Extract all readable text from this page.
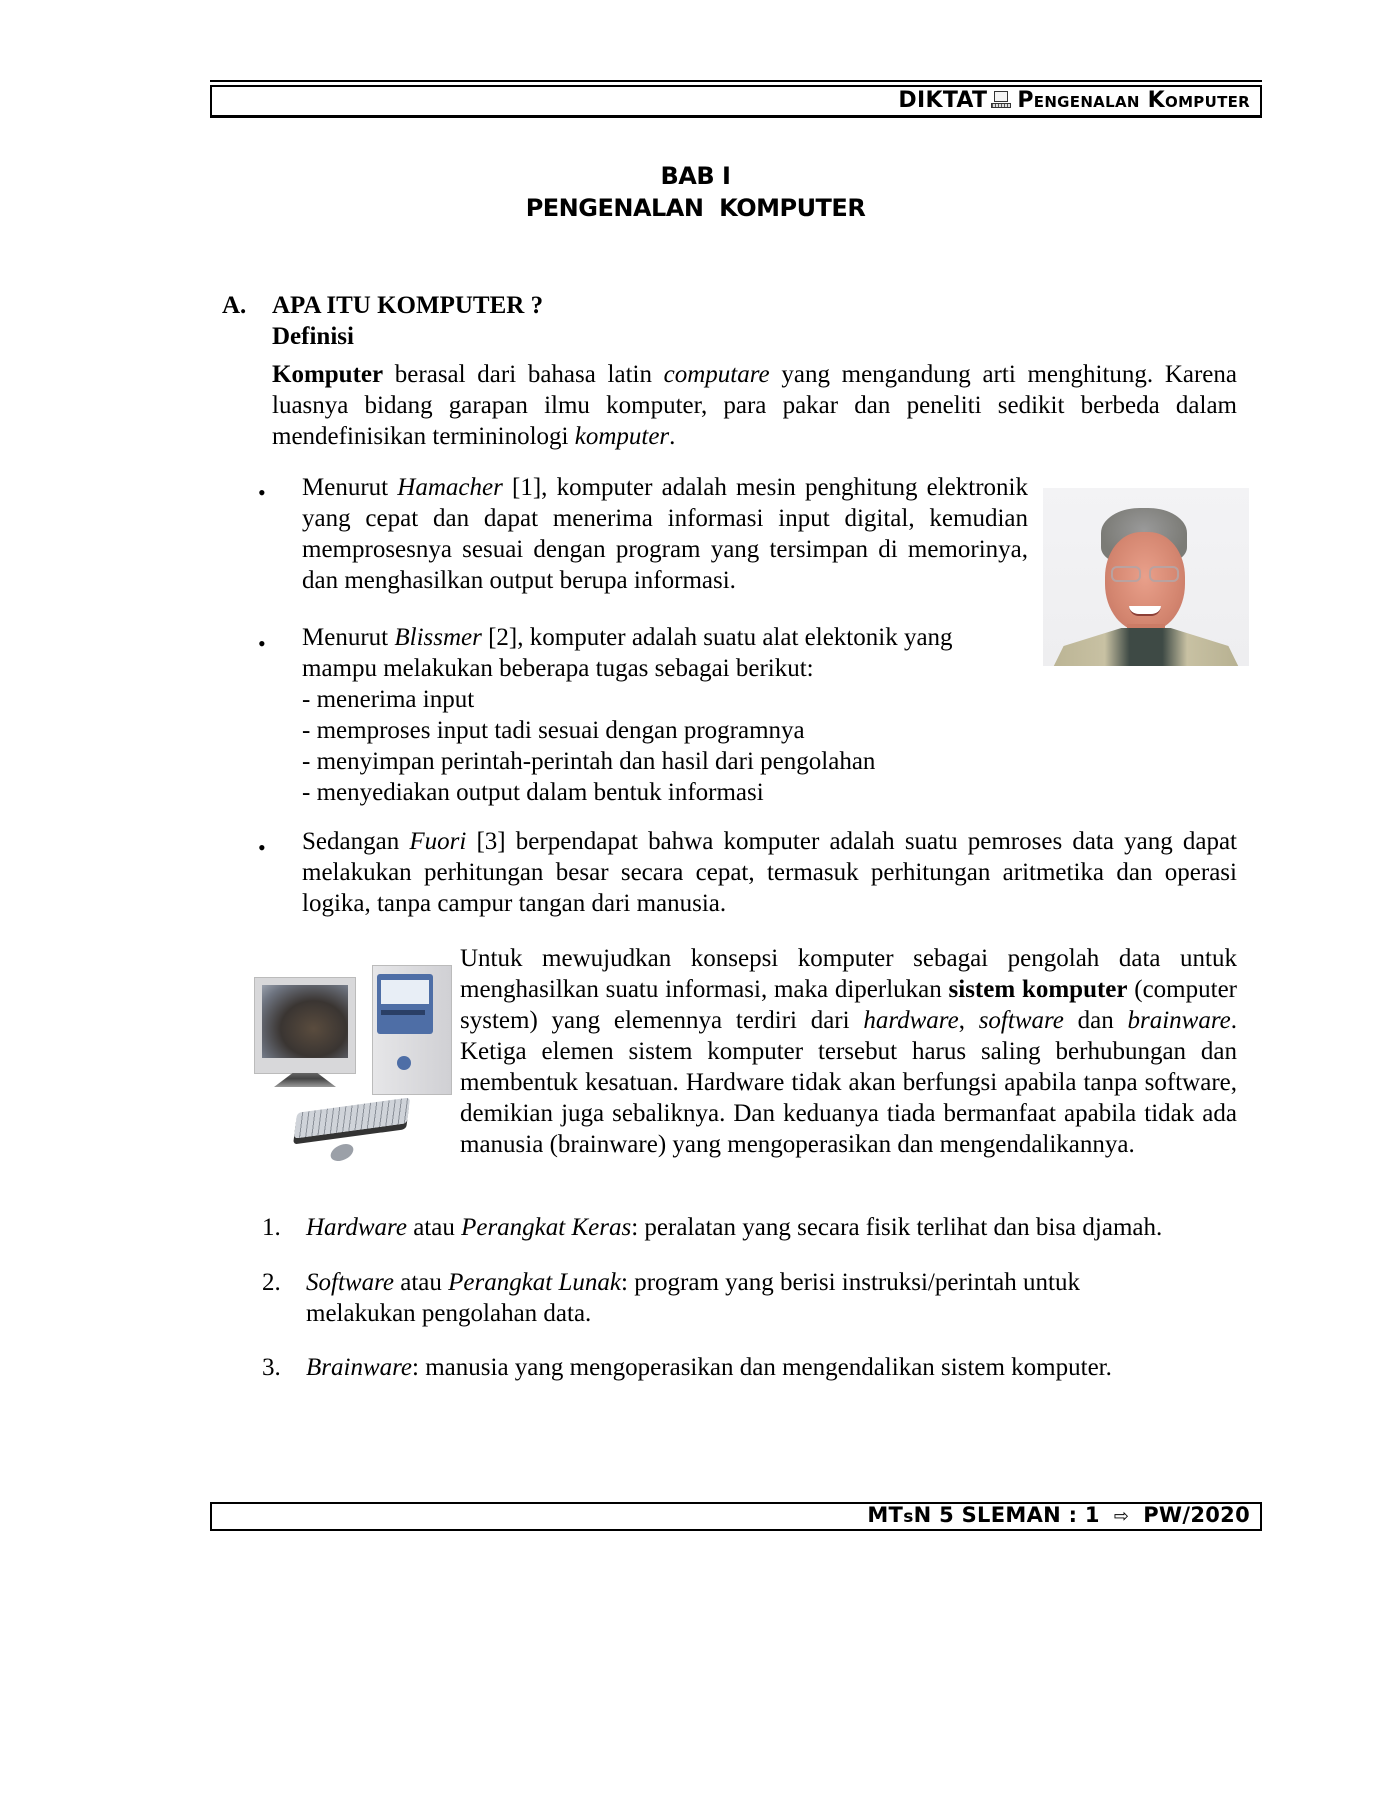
DIKTAT Pengenalan Komputer
BAB I
PENGENALAN  KOMPUTER
A. APA ITU KOMPUTER ?
Definisi
Komputer berasal dari bahasa latin computare yang mengandung arti menghitung. Karena luasnya bidang garapan ilmu komputer, para pakar dan peneliti sedikit berbeda dalam mendefinisikan termininologi komputer.
• Menurut Hamacher [1], komputer adalah mesin penghitung elektronik yang cepat dan dapat menerima informasi input digital, kemudian memprosesnya sesuai dengan program yang tersimpan di memorinya, dan menghasilkan output berupa informasi.
• Menurut Blissmer [2], komputer adalah suatu alat elektonik yang mampu melakukan beberapa tugas sebagai berikut:
- menerima input
- memproses input tadi sesuai dengan programnya
- menyimpan perintah-perintah dan hasil dari pengolahan
- menyediakan output dalam bentuk informasi
• Sedangan Fuori [3] berpendapat bahwa komputer adalah suatu pemroses data yang dapat melakukan perhitungan besar secara cepat, termasuk perhitungan aritmetika dan operasi logika, tanpa campur tangan dari manusia.
Untuk mewujudkan konsepsi komputer sebagai pengolah data untuk menghasilkan suatu informasi, maka diperlukan sistem komputer (computer system) yang elemennya terdiri dari hardware, software dan brainware. Ketiga elemen sistem komputer tersebut harus saling berhubungan dan membentuk kesatuan. Hardware tidak akan berfungsi apabila tanpa software, demikian juga sebaliknya. Dan keduanya tiada bermanfaat apabila tidak ada manusia (brainware) yang mengoperasikan dan mengendalikannya.
1. Hardware atau Perangkat Keras: peralatan yang secara fisik terlihat dan bisa djamah.
2. Software atau Perangkat Lunak: program yang berisi instruksi/perintah untuk
melakukan pengolahan data.
3. Brainware: manusia yang mengoperasikan dan mengendalikan sistem komputer.
MTsN 5 SLEMAN : 1 ⇨ PW/2020
